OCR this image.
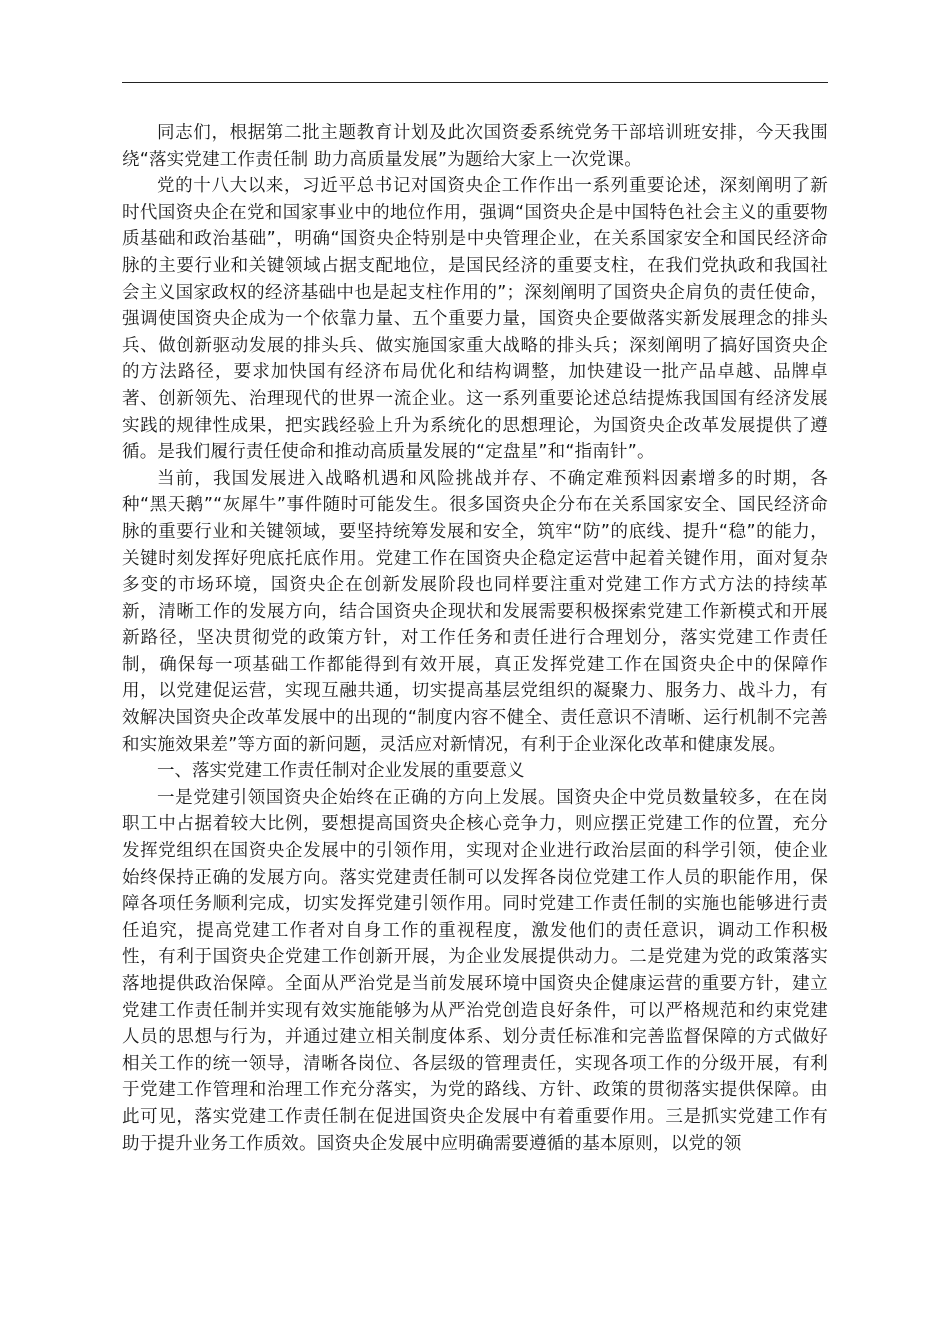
同志们，根据第二批主题教育计划及此次国资委系统党务干部培训班安排，今天我围绕“落实党建工作责任制 助力高质量发展”为题给大家上一次党课。

党的十八大以来，习近平总书记对国资央企工作作出一系列重要论述，深刻阐明了新时代国资央企在党和国家事业中的地位作用，强调“国资央企是中国特色社会主义的重要物质基础和政治基础”，明确“国资央企特别是中央管理企业，在关系国家安全和国民经济命脉的主要行业和关键领域占据支配地位，是国民经济的重要支柱，在我们党执政和我国社会主义国家政权的经济基础中也是起支柱作用的”；深刻阐明了国资央企肩负的责任使命，强调使国资央企成为一个依靠力量、五个重要力量，国资央企要做落实新发展理念的排头兵、做创新驱动发展的排头兵、做实施国家重大战略的排头兵；深刻阐明了搞好国资央企的方法路径，要求加快国有经济布局优化和结构调整，加快建设一批产品卓越、品牌卓著、创新领先、治理现代的世界一流企业。这一系列重要论述总结提炼我国国有经济发展实践的规律性成果，把实践经验上升为系统化的思想理论，为国资央企改革发展提供了遵循。是我们履行责任使命和推动高质量发展的“定盘星”和“指南针”。

当前，我国发展进入战略机遇和风险挑战并存、不确定难预料因素增多的时期，各种“黑天鹅”“灰犀牛”事件随时可能发生。很多国资央企分布在关系国家安全、国民经济命脉的重要行业和关键领域，要坚持统筹发展和安全，筑牢“防”的底线、提升“稳”的能力，关键时刻发挥好兜底托底作用。党建工作在国资央企稳定运营中起着关键作用，面对复杂多变的市场环境，国资央企在创新发展阶段也同样要注重对党建工作方式方法的持续革新，清晰工作的发展方向，结合国资央企现状和发展需要积极探索党建工作新模式和开展新路径，坚决贯彻党的政策方针，对工作任务和责任进行合理划分，落实党建工作责任制，确保每一项基础工作都能得到有效开展，真正发挥党建工作在国资央企中的保障作用，以党建促运营，实现互融共通，切实提高基层党组织的凝聚力、服务力、战斗力，有效解决国资央企改革发展中的出现的“制度内容不健全、责任意识不清晰、运行机制不完善和实施效果差”等方面的新问题，灵活应对新情况，有利于企业深化改革和健康发展。

一、落实党建工作责任制对企业发展的重要意义

一是党建引领国资央企始终在正确的方向上发展。国资央企中党员数量较多，在在岗职工中占据着较大比例，要想提高国资央企核心竞争力，则应摆正党建工作的位置，充分发挥党组织在国资央企发展中的引领作用，实现对企业进行政治层面的科学引领，使企业始终保持正确的发展方向。落实党建责任制可以发挥各岗位党建工作人员的职能作用，保障各项任务顺利完成，切实发挥党建引领作用。同时党建工作责任制的实施也能够进行责任追究，提高党建工作者对自身工作的重视程度，激发他们的责任意识，调动工作积极性，有利于国资央企党建工作创新开展，为企业发展提供动力。二是党建为党的政策落实落地提供政治保障。全面从严治党是当前发展环境中国资央企健康运营的重要方针，建立党建工作责任制并实现有效实施能够为从严治党创造良好条件，可以严格规范和约束党建人员的思想与行为，并通过建立相关制度体系、划分责任标准和完善监督保障的方式做好相关工作的统一领导，清晰各岗位、各层级的管理责任，实现各项工作的分级开展，有利于党建工作管理和治理工作充分落实，为党的路线、方针、政策的贯彻落实提供保障。由此可见，落实党建工作责任制在促进国资央企发展中有着重要作用。三是抓实党建工作有助于提升业务工作质效。国资央企发展中应明确需要遵循的基本原则，以党的领
